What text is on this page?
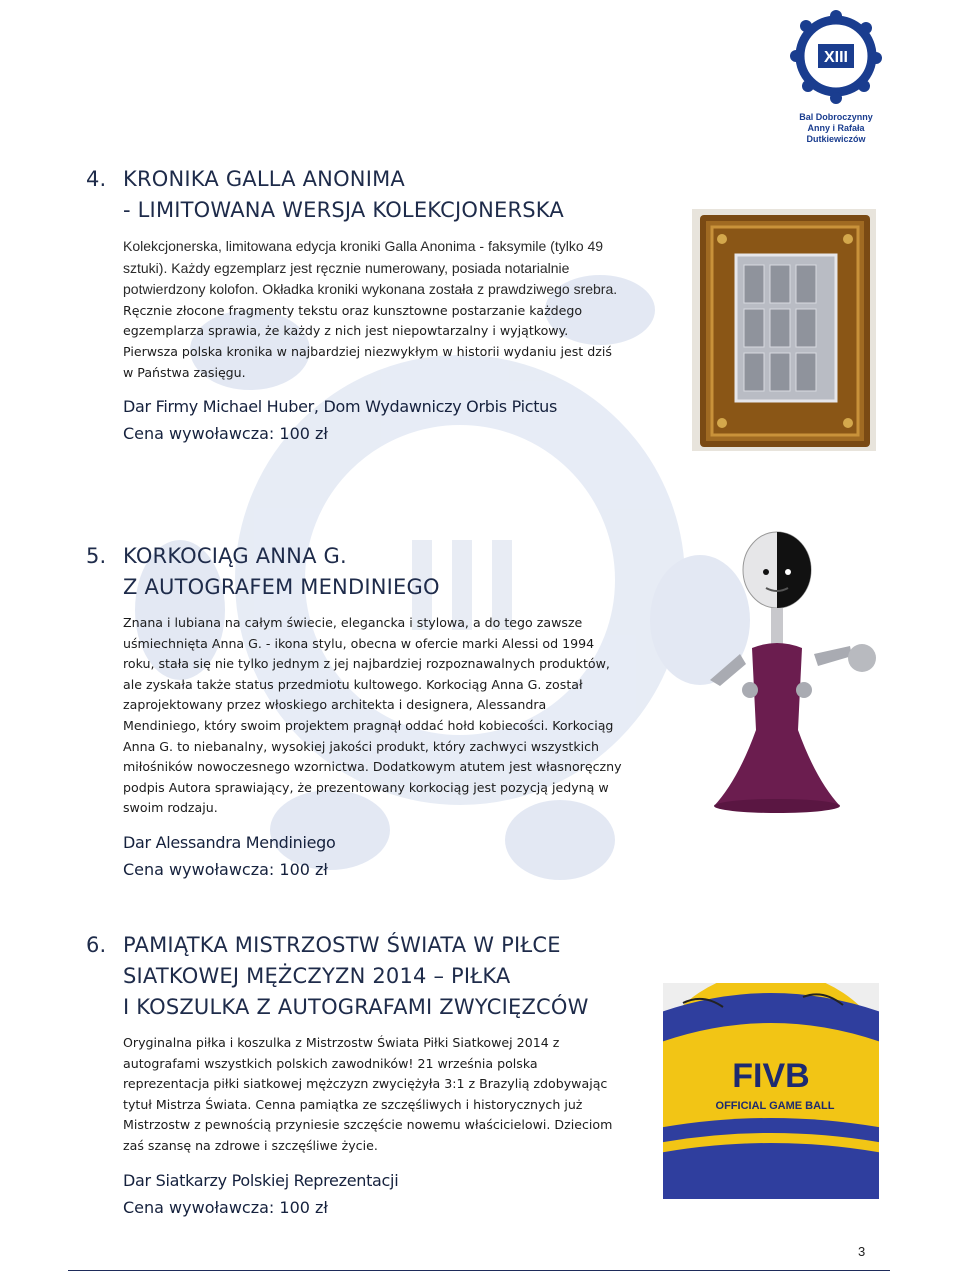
XIII
Bal Dobroczynny
Anny i Rafała
Dutkiewiczów
4. KRONIKA GALLA ANONIMA
- LIMITOWANA WERSJA KOLEKCJONERSKA
Kolekcjonerska, limitowana edycja kroniki Galla Anonima - faksymile (tylko 49 sztuki). Każdy egzemplarz jest ręcznie numerowany, posiada notarialnie potwierdzony kolofon. Okładka kroniki wykonana została z prawdziwego srebra. Ręcznie złocone fragmenty tekstu oraz kunsztowne postarzanie każdego egzemplarza sprawia, że każdy z nich jest niepowtarzalny i wyjątkowy. Pierwsza polska kronika w najbardziej niezwykłym w historii wydaniu jest dziś w Państwa zasięgu.
Dar Firmy Michael Huber, Dom Wydawniczy Orbis Pictus
Cena wywoławcza: 100 zł
5. KORKOCIĄG ANNA G.
Z AUTOGRAFEM MENDINIEGO
Znana i lubiana na całym świecie, elegancka i stylowa, a do tego zawsze uśmiechnięta Anna G. - ikona stylu, obecna w ofercie marki Alessi od 1994 roku, stała się nie tylko jednym z jej najbardziej rozpoznawalnych produktów, ale zyskała także status przedmiotu kultowego. Korkociąg Anna G. został zaprojektowany przez włoskiego architekta i designera, Alessandra Mendiniego, który swoim projektem pragnął oddać hołd kobiecości. Korkociąg Anna G. to niebanalny, wysokiej jakości produkt, który zachwyci wszystkich miłośników nowoczesnego wzornictwa. Dodatkowym atutem jest własnoręczny podpis Autora sprawiający, że prezentowany korkociąg jest pozycją jedyną w swoim rodzaju.
Dar Alessandra Mendiniego
Cena wywoławcza: 100 zł
6. PAMIĄTKA MISTRZOSTW ŚWIATA W PIŁCE
SIATKOWEJ MĘŻCZYZN 2014 – PIŁKA
I KOSZULKA Z AUTOGRAFAMI ZWYCIĘZCÓW
Oryginalna piłka i koszulka z Mistrzostw Świata Piłki Siatkowej 2014 z autografami wszystkich polskich zawodników! 21 września polska reprezentacja piłki siatkowej mężczyzn zwyciężyła 3:1 z Brazylią zdobywając tytuł Mistrza Świata. Cenna pamiątka ze szczęśliwych i historycznych już Mistrzostw z pewnością przyniesie szczęście nowemu właścicielowi. Dzieciom zaś szansę na zdrowe i szczęśliwe życie.
Dar Siatkarzy Polskiej Reprezentacji
Cena wywoławcza: 100 zł
FIVB
OFFICIAL GAME BALL
3
